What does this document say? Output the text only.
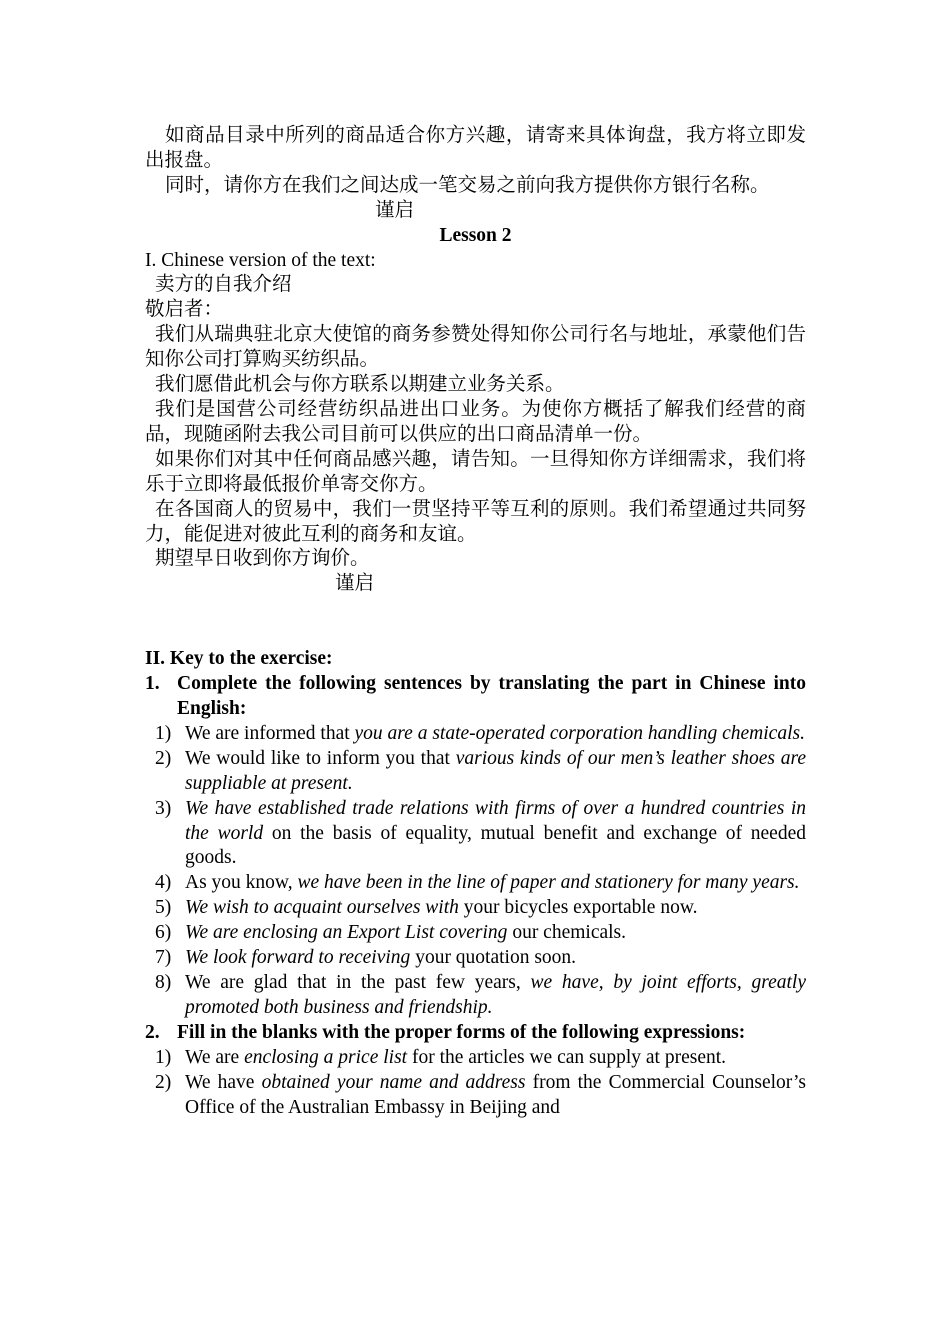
如商品目录中所列的商品适合你方兴趣，请寄来具体询盘，我方将立即发出报盘。

同时，请你方在我们之间达成一笔交易之前向我方提供你方银行名称。

谨启

Lesson 2

I. Chinese version of the text:

卖方的自我介绍

敬启者：

我们从瑞典驻北京大使馆的商务参赞处得知你公司行名与地址，承蒙他们告知你公司打算购买纺织品。

我们愿借此机会与你方联系以期建立业务关系。

我们是国营公司经营纺织品进出口业务。为使你方概括了解我们经营的商品，现随函附去我公司目前可以供应的出口商品清单一份。

如果你们对其中任何商品感兴趣，请告知。一旦得知你方详细需求，我们将乐于立即将最低报价单寄交你方。

在各国商人的贸易中，我们一贯坚持平等互利的原则。我们希望通过共同努力，能促进对彼此互利的商务和友谊。

期望早日收到你方询价。

谨启

II. Key to the exercise:

1. Complete the following sentences by translating the part in Chinese into English:
1) We are informed that you are a state-operated corporation handling chemicals.
2) We would like to inform you that various kinds of our men’s leather shoes are suppliable at present.
3) We have established trade relations with firms of over a hundred countries in the world on the basis of equality, mutual benefit and exchange of needed goods.
4) As you know, we have been in the line of paper and stationery for many years.
5) We wish to acquaint ourselves with your bicycles exportable now.
6) We are enclosing an Export List covering our chemicals.
7) We look forward to receiving your quotation soon.
8) We are glad that in the past few years, we have, by joint efforts, greatly promoted both business and friendship.
2. Fill in the blanks with the proper forms of the following expressions:
1) We are enclosing a price list for the articles we can supply at present.
2) We have obtained your name and address from the Commercial Counselor’s Office of the Australian Embassy in Beijing and
